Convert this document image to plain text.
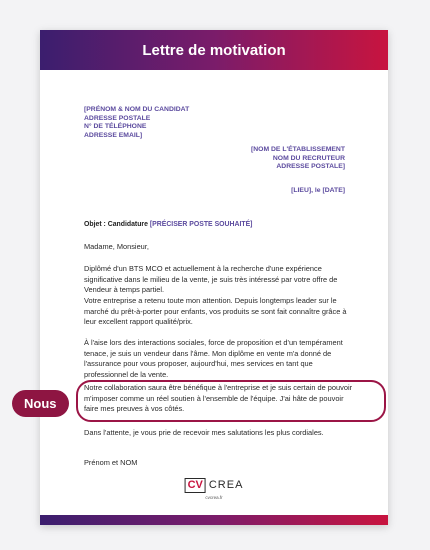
Lettre de motivation
[PRÉNOM & NOM DU CANDIDAT
ADRESSE POSTALE
N° DE TÉLÉPHONE
ADRESSE EMAIL]
[NOM DE L'ÉTABLISSEMENT
NOM DU RECRUTEUR
ADRESSE POSTALE]
[LIEU], le [DATE]
Objet : Candidature [PRÉCISER POSTE SOUHAITÉ]
Madame, Monsieur,
Diplômé d'un BTS MCO et actuellement à la recherche d'une expérience significative dans le milieu de la vente, je suis très intéressé par votre offre de Vendeur à temps partiel.
Votre entreprise a retenu toute mon attention. Depuis longtemps leader sur le marché du prêt-à-porter pour enfants, vos produits se sont fait connaître grâce à leur excellent rapport qualité/prix.
À l'aise lors des interactions sociales, force de proposition et d'un tempérament tenace, je suis un vendeur dans l'âme. Mon diplôme en vente m'a donné de l'assurance pour vous proposer, aujourd'hui, mes services en tant que professionnel de la vente.
Notre collaboration saura être bénéfique à l'entreprise et je suis certain de pouvoir m'imposer comme un réel soutien à l'ensemble de l'équipe. J'ai hâte de pouvoir faire mes preuves à vos côtés.
Dans l'attente, je vous prie de recevoir mes salutations les plus cordiales.
Prénom et NOM
CV CREA
cvcrea.fr
Nous
